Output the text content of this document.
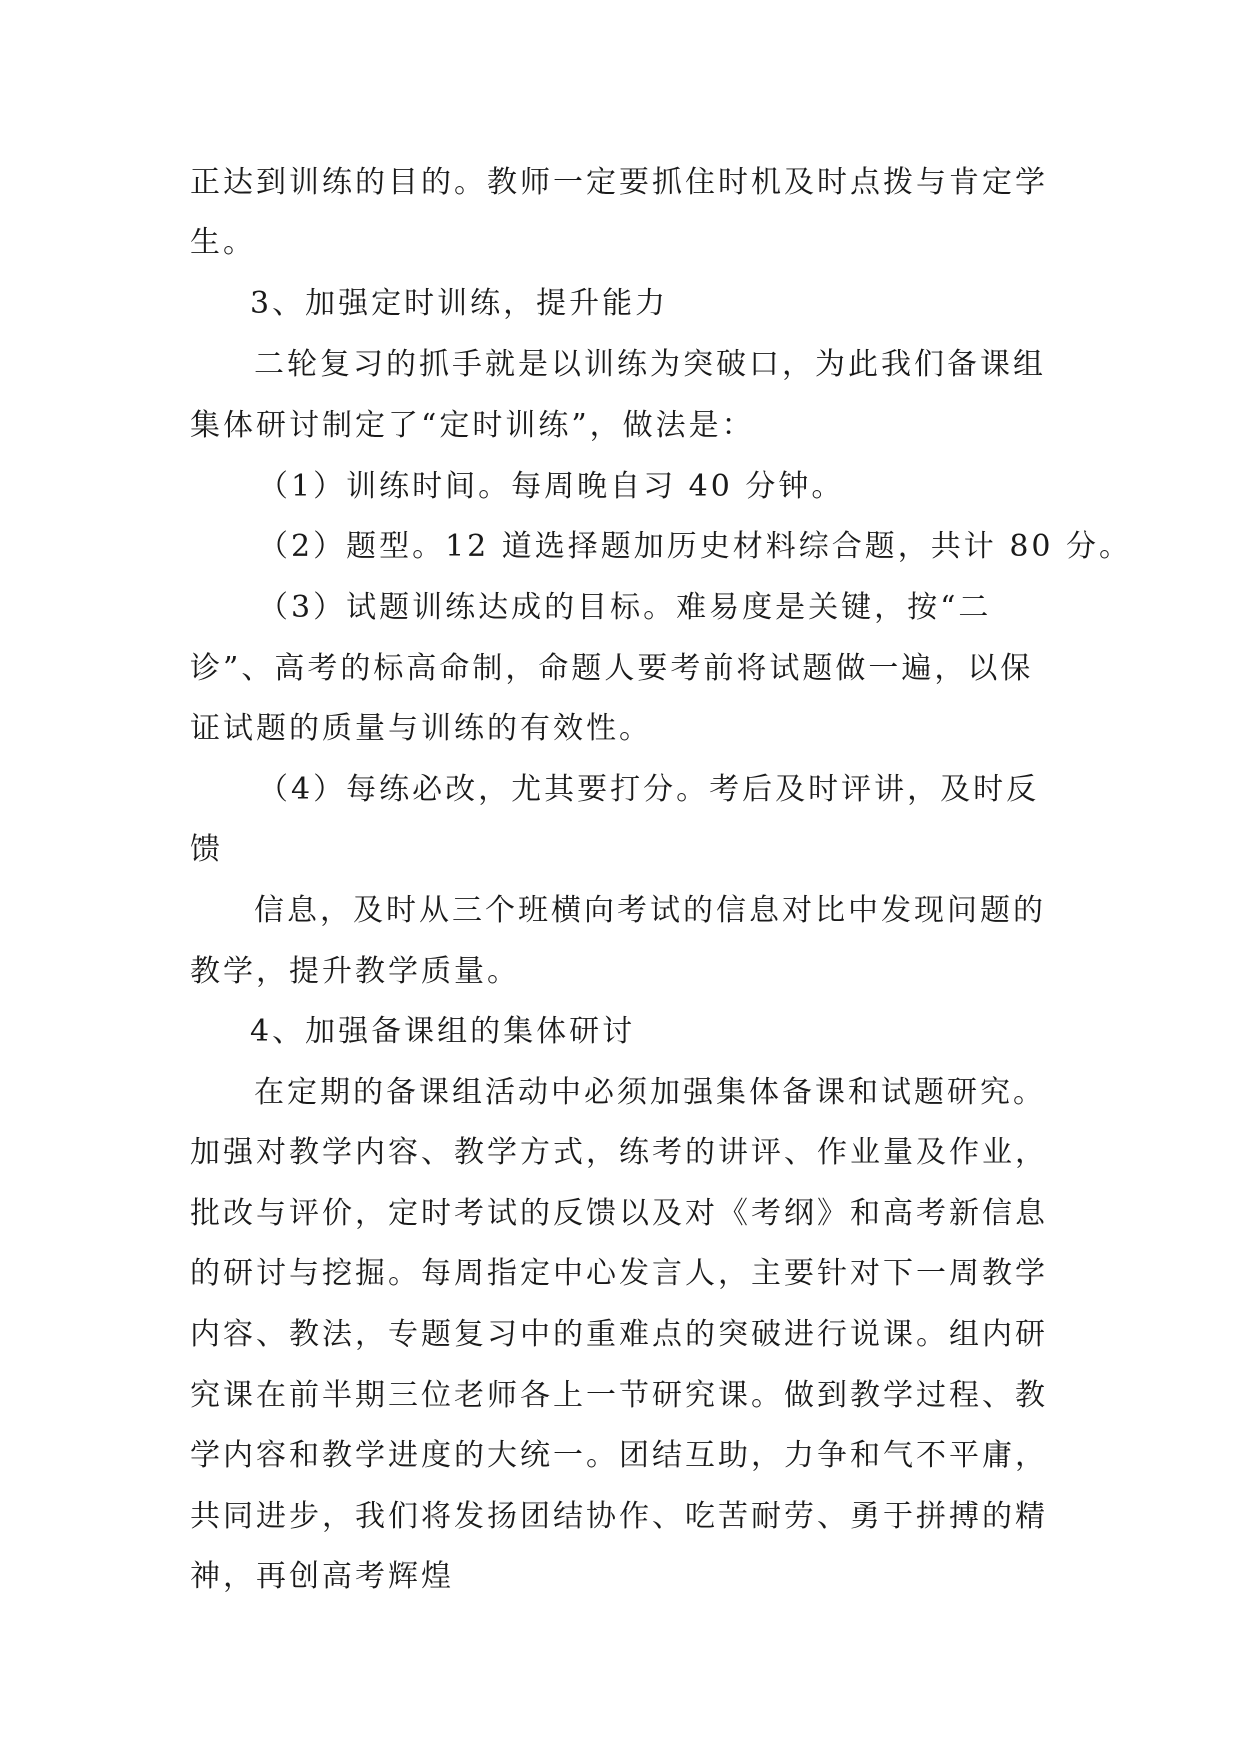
正达到训练的目的。教师一定要抓住时机及时点拨与肯定学
生。
3、加强定时训练，提升能力
二轮复习的抓手就是以训练为突破口，为此我们备课组
集体研讨制定了“定时训练”，做法是：
（1）训练时间。每周晚自习 40 分钟。
（2）题型。12 道选择题加历史材料综合题，共计 80 分。
（3）试题训练达成的目标。难易度是关键，按“二
诊”、高考的标高命制，命题人要考前将试题做一遍，以保
证试题的质量与训练的有效性。
（4）每练必改，尤其要打分。考后及时评讲，及时反
馈
信息，及时从三个班横向考试的信息对比中发现问题的
教学，提升教学质量。
4、加强备课组的集体研讨
在定期的备课组活动中必须加强集体备课和试题研究。
加强对教学内容、教学方式，练考的讲评、作业量及作业，
批改与评价，定时考试的反馈以及对《考纲》和高考新信息
的研讨与挖掘。每周指定中心发言人，主要针对下一周教学
内容、教法，专题复习中的重难点的突破进行说课。组内研
究课在前半期三位老师各上一节研究课。做到教学过程、教
学内容和教学进度的大统一。团结互助，力争和气不平庸，
共同进步，我们将发扬团结协作、吃苦耐劳、勇于拼搏的精
神，再创高考辉煌
